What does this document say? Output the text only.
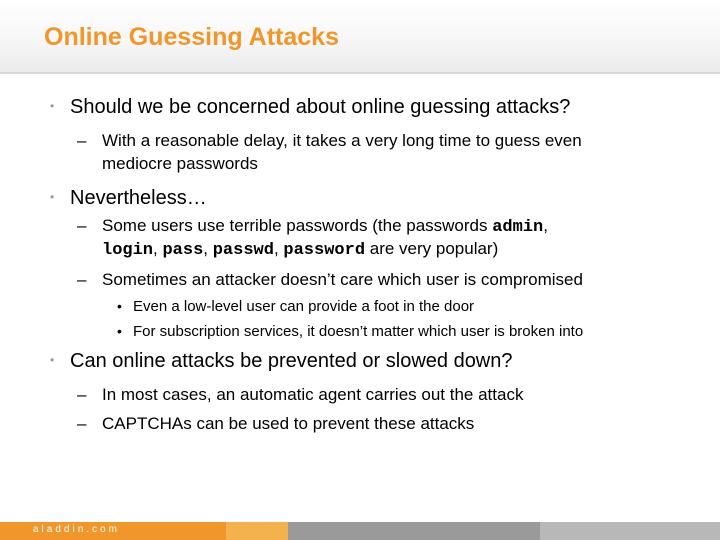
Online Guessing Attacks
• Should we be concerned about online guessing attacks?
– With a reasonable delay, it takes a very long time to guess even
mediocre passwords
• Nevertheless…
– Some users use terrible passwords (the passwords admin,
login, pass, passwd, password are very popular)
– Sometimes an attacker doesn’t care which user is compromised
• Even a low-level user can provide a foot in the door
• For subscription services, it doesn’t matter which user is broken into
• Can online attacks be prevented or slowed down?
– In most cases, an automatic agent carries out the attack
– CAPTCHAs can be used to prevent these attacks
aladdin.com
